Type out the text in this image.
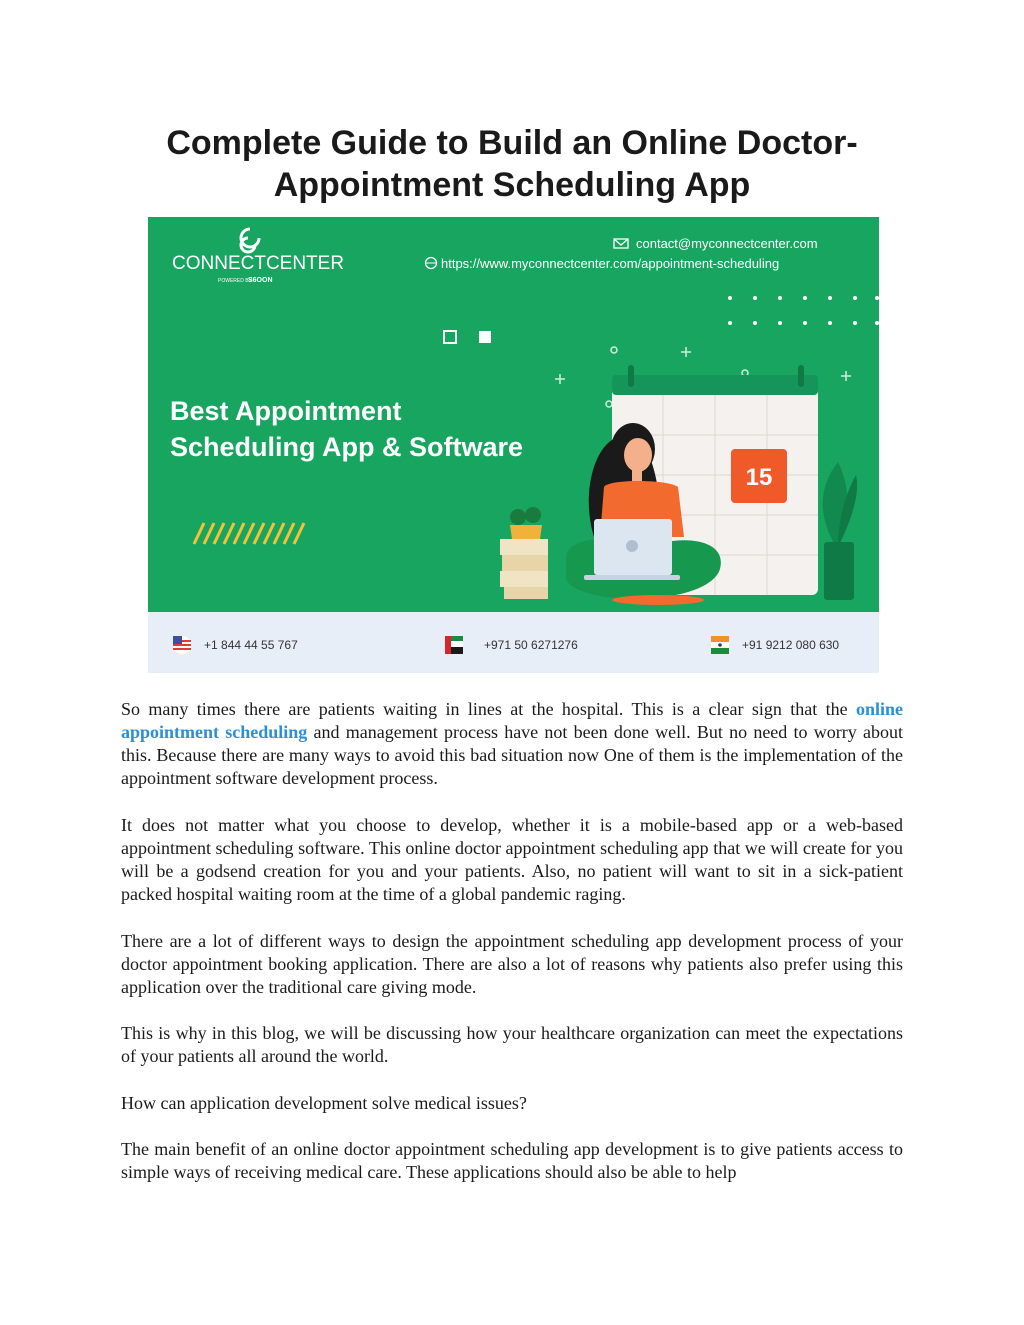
Complete Guide to Build an Online Doctor-
Appointment Scheduling App
CONNECTCENTER
POWERED BY
S6OON
contact@myconnectcenter.com
https://www.myconnectcenter.com/appointment-scheduling
Best Appointment
Scheduling App & Software
15
+1 844 44 55 767	+971 50 6271276	+91 9212 080 630

So many times there are patients waiting in lines at the hospital. This is a clear sign that the online appointment scheduling and management process have not been done well. But no need to worry about this. Because there are many ways to avoid this bad situation now One of them is the implementation of the appointment software development process.

It does not matter what you choose to develop, whether it is a mobile-based app or a web-based appointment scheduling software. This online doctor appointment scheduling app that we will create for you will be a godsend creation for you and your patients. Also, no patient will want to sit in a sick-patient packed hospital waiting room at the time of a global pandemic raging.

There are a lot of different ways to design the appointment scheduling app development process of your doctor appointment booking application. There are also a lot of reasons why patients also prefer using this application over the traditional care giving mode.

This is why in this blog, we will be discussing how your healthcare organization can meet the expectations of your patients all around the world.

How can application development solve medical issues?

The main benefit of an online doctor appointment scheduling app development is to give patients access to simple ways of receiving medical care. These applications should also be able to help
